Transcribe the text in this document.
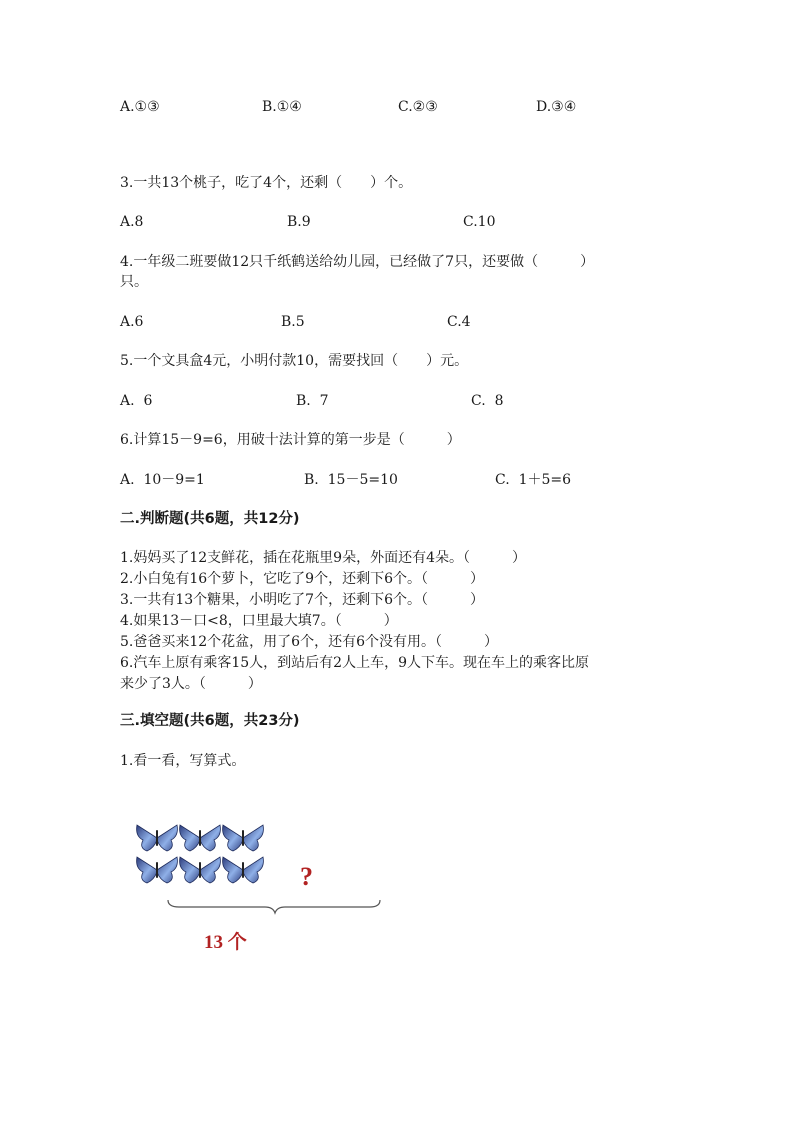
A.①③	B.①④	C.②③	D.③④
3.一共13个桃子，吃了4个，还剩（　　）个。
A.8	B.9	C.10
4.一年级二班要做12只千纸鹤送给幼儿园，已经做了7只，还要做（　　　）
只。
A.6	B.5	C.4
5.一个文具盒4元，小明付款10，需要找回（　　）元。
A.  6	B.  7	C.  8
6.计算15－9=6，用破十法计算的第一步是（　　　）
A.  10－9=1	B.  15－5=10	C.  1＋5=6
二.判断题(共6题，共12分)
1.妈妈买了12支鲜花，插在花瓶里9朵，外面还有4朵。（　　　）
2.小白兔有16个萝卜，它吃了9个，还剩下6个。（　　　）
3.一共有13个糖果，小明吃了7个，还剩下6个。（　　　）
4.如果13－口<8，口里最大填7。（　　　）
5.爸爸买来12个花盆，用了6个，还有6个没有用。（　　　）
6.汽车上原有乘客15人，到站后有2人上车，9人下车。现在车上的乘客比原
来少了3人。（　　　）
三.填空题(共6题，共23分)
1.看一看，写算式。
?
13 个
